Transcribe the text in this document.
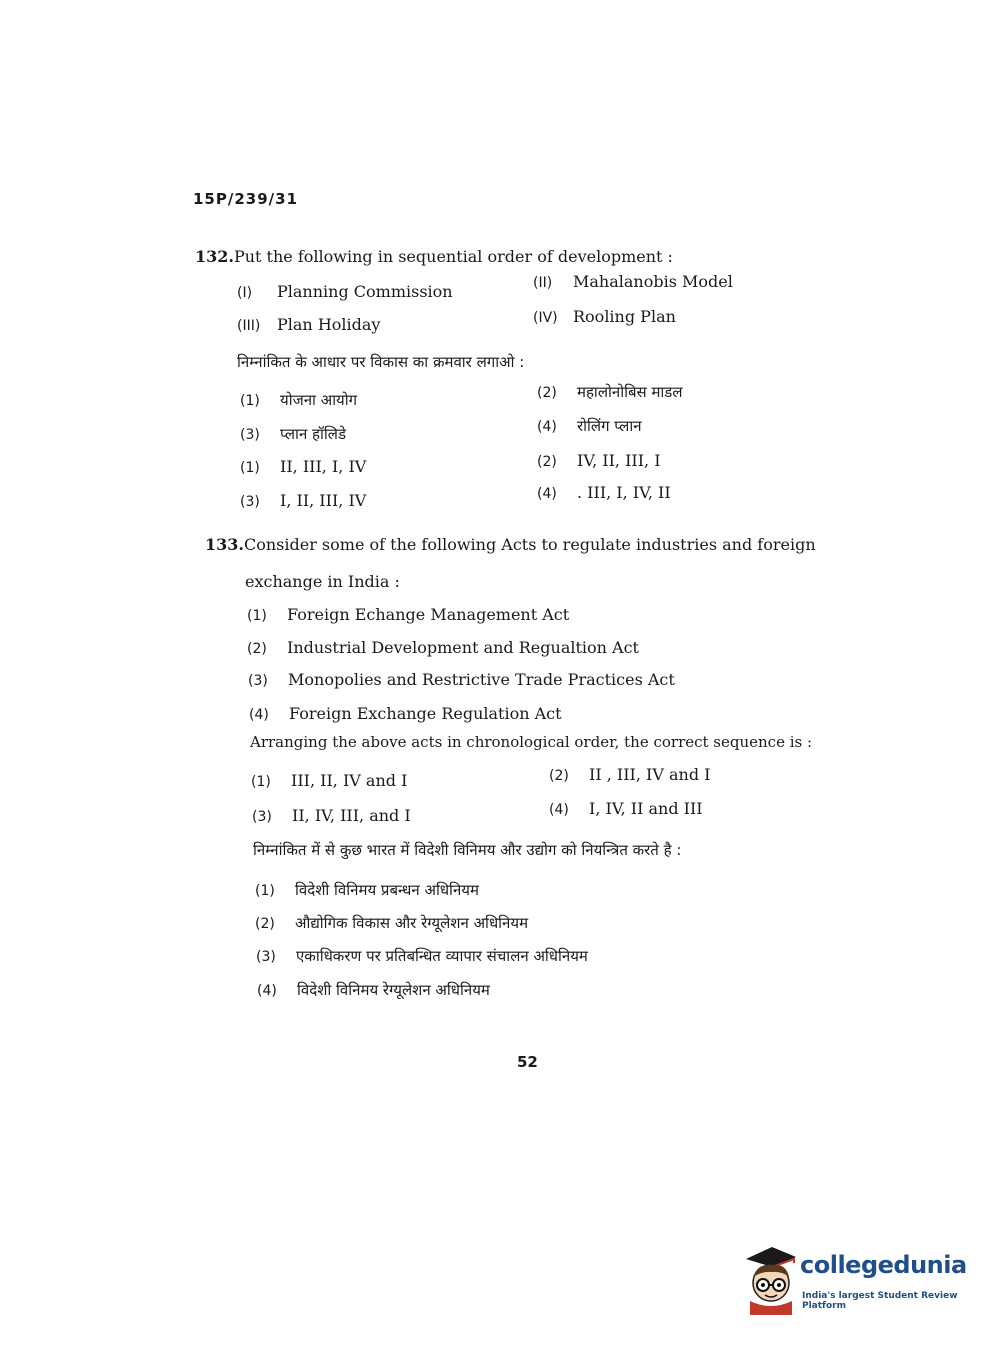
15P/239/31
132.Put the following in sequential order of development :
(I) Planning Commission	(II) Mahalanobis Model
(III) Plan Holiday	(IV) Rooling Plan
निम्नांकित के आधार पर विकास का क्रमवार लगाओ :
(1) योजना आयोग	(2) महालोनोबिस माडल
(3) प्लान हॉलिडे	(4) रोलिंग प्लान
(1) II, III, I, IV	(2) IV, II, III, I
(3) I, II, III, IV	(4) . III, I, IV, II
133.Consider some of the following Acts to regulate industries and foreign
exchange in India :
(1) Foreign Echange Management Act
(2) Industrial Development and Regualtion Act
(3) Monopolies and Restrictive Trade Practices Act
(4) Foreign Exchange Regulation Act
Arranging the above acts in chronological order, the correct sequence is :
(1) III, II, IV and I	(2) II , III, IV and I
(3) II, IV, III, and I	(4) I, IV, II and III
निम्नांकित में से कुछ भारत में विदेशी विनिमय और उद्योग को नियन्त्रित करते है :
(1) विदेशी विनिमय प्रबन्धन अधिनियम
(2) औद्योगिक विकास और रेग्यूलेशन अधिनियम
(3) एकाधिकरण पर प्रतिबन्धित व्यापार संचालन अधिनियम
(4) विदेशी विनिमय रेग्यूलेशन अधिनियम
52
collegedunia
India's largest Student Review Platform
